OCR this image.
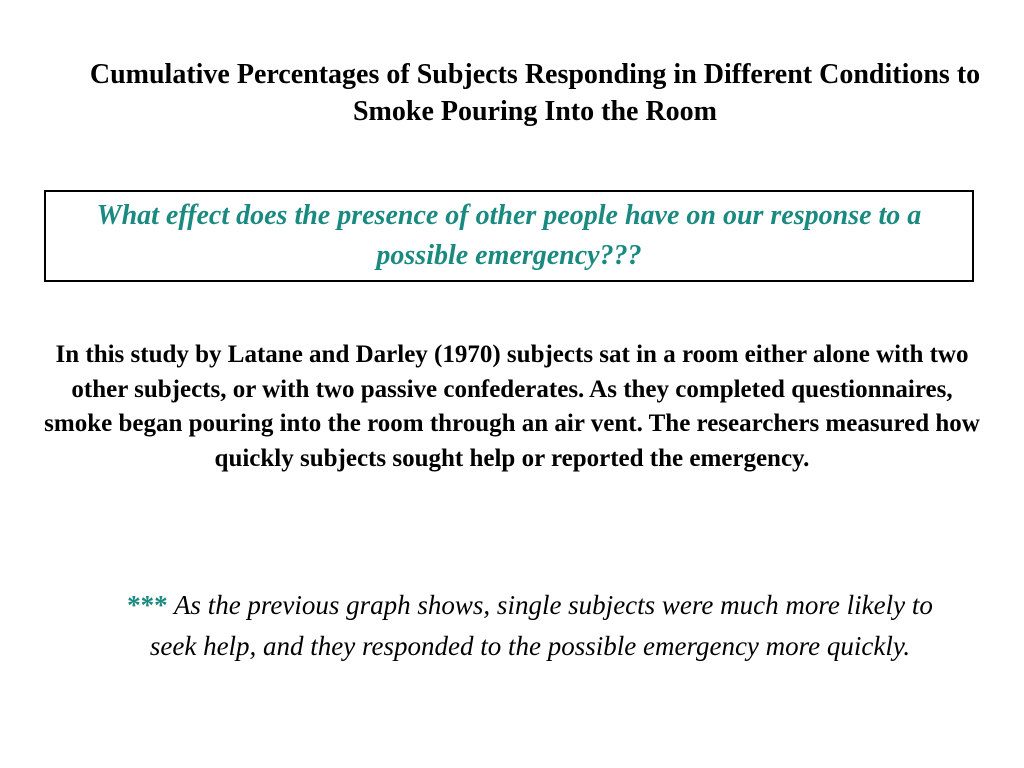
Cumulative Percentages of Subjects Responding in Different Conditions to Smoke Pouring Into the Room
What effect does the presence of other people have on our response to a possible emergency???
In this study by Latane and Darley (1970) subjects sat in a room either alone with two other subjects, or with two passive confederates. As they completed questionnaires, smoke began pouring into the room through an air vent. The researchers measured how quickly subjects sought help or reported the emergency.
*** As the previous graph shows, single subjects were much more likely to seek help, and they responded to the possible emergency more quickly.
